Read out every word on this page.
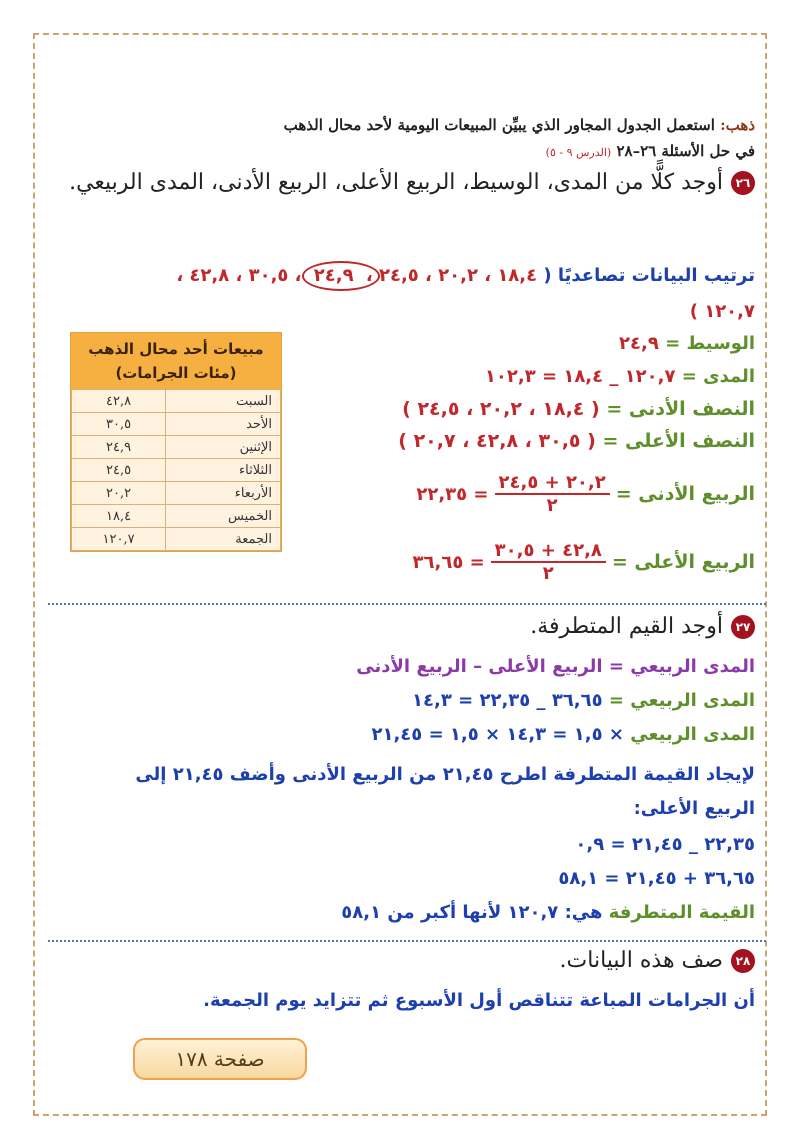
ذهب: استعمل الجدول المجاور الذي يبيِّن المبيعات اليومية لأحد محال الذهب
في حل الأسئلة ٢٦–٢٨ (الدرس ٩ - ٥)
٢٦
أوجد كلًّا من المدى، الوسيط، الربيع الأعلى، الربيع الأدنى، المدى الربيعي.
ترتيب البيانات تصاعديًا ( ١٨,٤ ، ٢٠,٢ ، ٢٤,٥ ، ٢٤,٩
، ٣٠,٥ ، ٤٢,٨ ،
١٢٠,٧ )
الوسيط = ٢٤,٩
المدى = ١٢٠,٧ _ ١٨,٤ = ١٠٢,٣
النصف الأدنى = ( ١٨,٤ ، ٢٠,٢ ، ٢٤,٥ )
النصف الأعلى = ( ٣٠,٥ ، ٤٢,٨ ، ٢٠,٧ )
الربيع الأدنى =
$\frac{٢٠,٢ + ٢٤,٥}{٢}$
= ٢٢,٣٥
الربيع الأعلى =
$\frac{٤٢,٨ + ٣٠,٥}{٢}$
= ٣٦,٦٥
مبيعات أحد محال الذهب
(مئات الجرامات)
٤٢,٨	السبت
٣٠,٥	الأحد
٢٤,٩	الإثنين
٢٤,٥	الثلاثاء
٢٠,٢	الأربعاء
١٨,٤	الخميس
١٢٠,٧	الجمعة
٢٧
أوجد القيم المتطرفة.
المدى الربيعي = الربيع الأعلى – الربيع الأدنى
المدى الربيعي = ٣٦,٦٥ _ ٢٢,٣٥ = ١٤,٣
المدى الربيعي × ١,٥ = ١٤,٣ × ١,٥ = ٢١,٤٥
لإيجاد القيمة المتطرفة اطرح ٢١,٤٥ من الربيع الأدنى وأضف ٢١,٤٥ إلى
الربيع الأعلى:
٢٢,٣٥ _ ٢١,٤٥ = ٠,٩
٣٦,٦٥ + ٢١,٤٥ = ٥٨,١
القيمة المتطرفة هي: ١٢٠,٧ لأنها أكبر من ٥٨,١
٢٨
صف هذه البيانات.
أن الجرامات المباعة تتناقص أول الأسبوع ثم تتزايد يوم الجمعة.
صفحة ١٧٨
